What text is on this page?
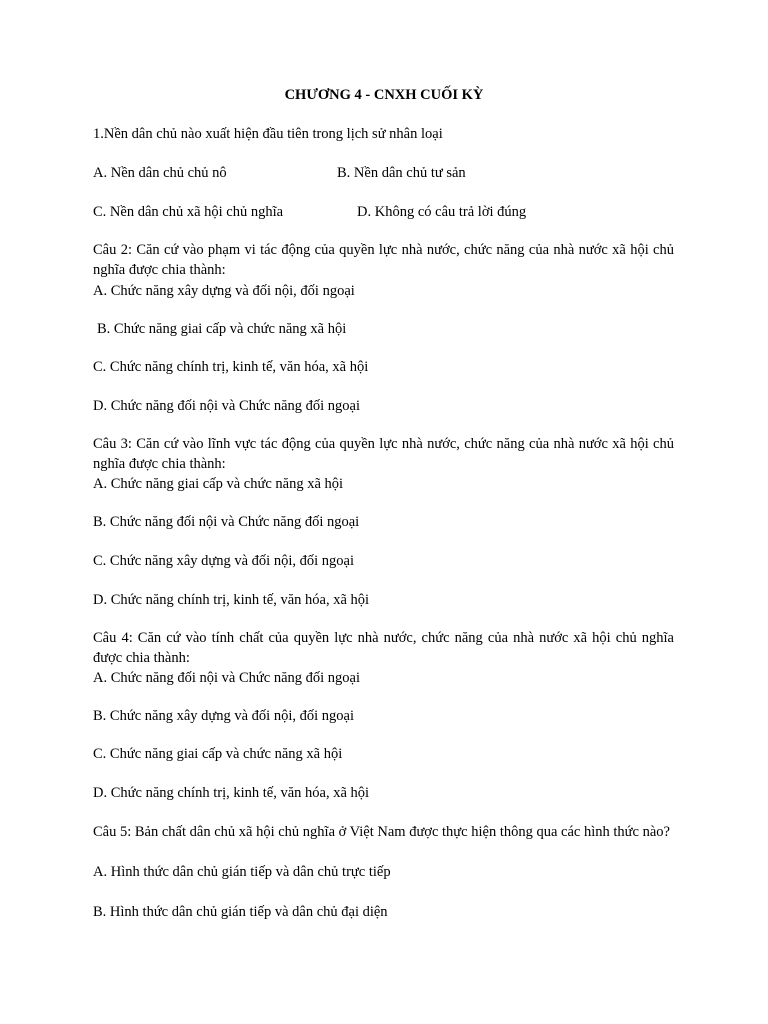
CHƯƠNG 4 - CNXH CUỐI KỲ
1.Nền dân chủ nào xuất hiện đầu tiên trong lịch sử nhân loại
A. Nền dân chủ chủ nô	B. Nền dân chủ tư sản
C. Nền dân chủ xã hội chủ nghĩa	D. Không có câu trả lời đúng
Câu 2: Căn cứ vào phạm vi tác động của quyền lực nhà nước, chức năng của nhà nước xã hội chủ nghĩa được chia thành:
A. Chức năng xây dựng và đối nội, đối ngoại
B. Chức năng giai cấp và chức năng xã hội
C. Chức năng chính trị, kinh tế, văn hóa, xã hội
D. Chức năng đối nội và Chức năng đối ngoại
Câu 3: Căn cứ vào lĩnh vực tác động của quyền lực nhà nước, chức năng của nhà nước xã hội chủ nghĩa được chia thành:
A. Chức năng giai cấp và chức năng xã hội
B. Chức năng đối nội và Chức năng đối ngoại
C. Chức năng xây dựng và đối nội, đối ngoại
D. Chức năng chính trị, kinh tế, văn hóa, xã hội
Câu 4: Căn cứ vào tính chất của quyền lực nhà nước, chức năng của nhà nước xã hội chủ nghĩa được chia thành:
A. Chức năng đối nội và Chức năng đối ngoại
B. Chức năng xây dựng và đối nội, đối ngoại
C. Chức năng giai cấp và chức năng xã hội
D. Chức năng chính trị, kinh tế, văn hóa, xã hội
Câu 5: Bản chất dân chủ xã hội chủ nghĩa ở Việt Nam được thực hiện thông qua các hình thức nào?
A. Hình thức dân chủ gián tiếp và dân chủ trực tiếp
B. Hình thức dân chủ gián tiếp và dân chủ đại diện
